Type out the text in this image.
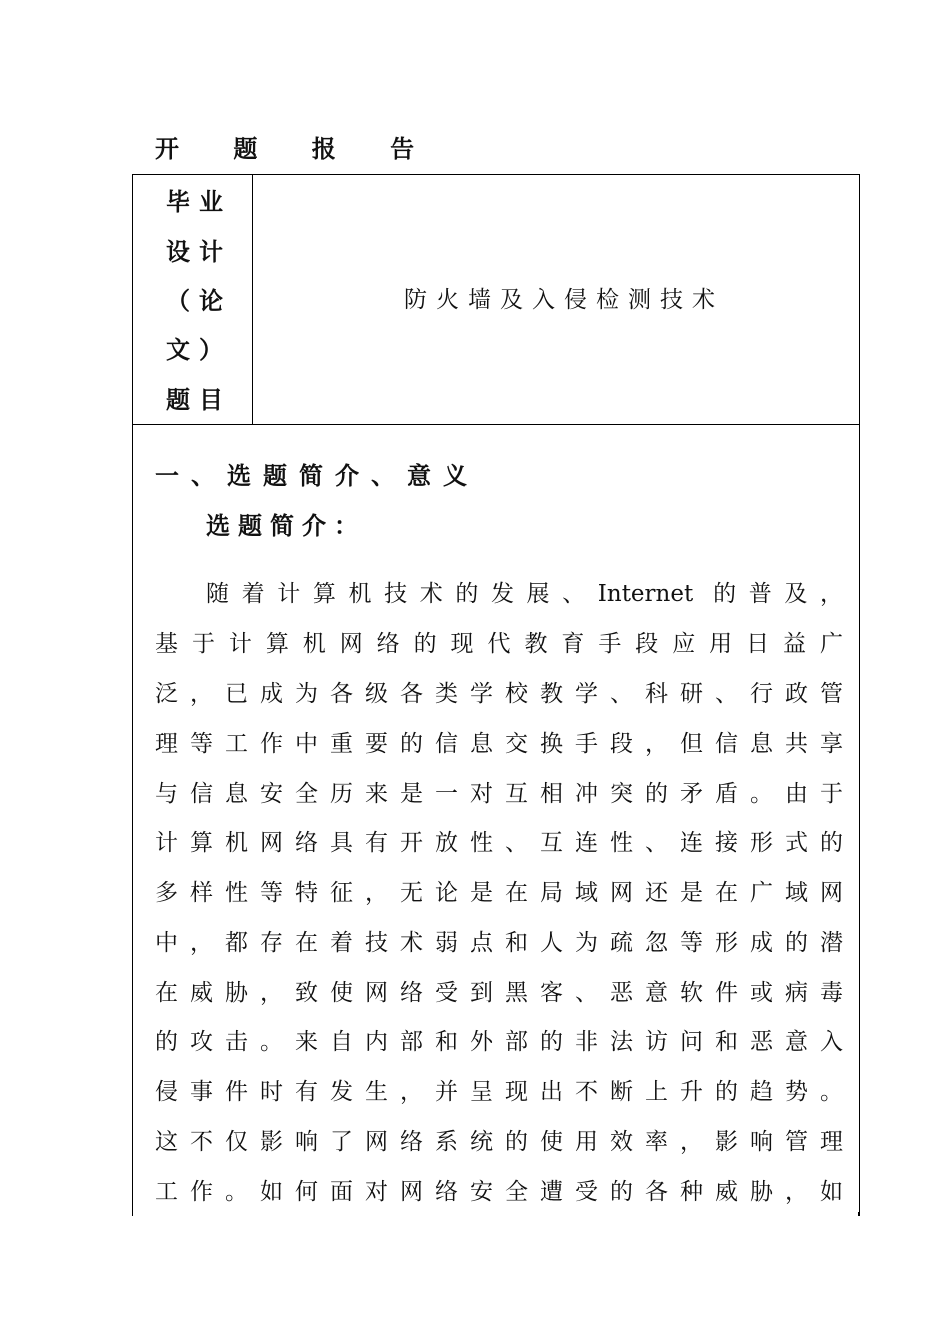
开 题 报 告
毕业
设计
（论
文）
题目
防火墙及入侵检测技术
一、选题简介、意义
选题简介：
随着计算机技术的发展、Internet 的普及，
基于计算机网络的现代教育手段应用日益广
泛，已成为各级各类学校教学、科研、行政管
理等工作中重要的信息交换手段，但信息共享
与信息安全历来是一对互相冲突的矛盾。由于
计算机网络具有开放性、互连性、连接形式的
多样性等特征，无论是在局域网还是在广域网
中，都存在着技术弱点和人为疏忽等形成的潜
在威胁，致使网络受到黑客、恶意软件或病毒
的攻击。来自内部和外部的非法访问和恶意入
侵事件时有发生，并呈现出不断上升的趋势。
这不仅影响了网络系统的使用效率，影响管理
工作。如何面对网络安全遭受的各种威胁，如
